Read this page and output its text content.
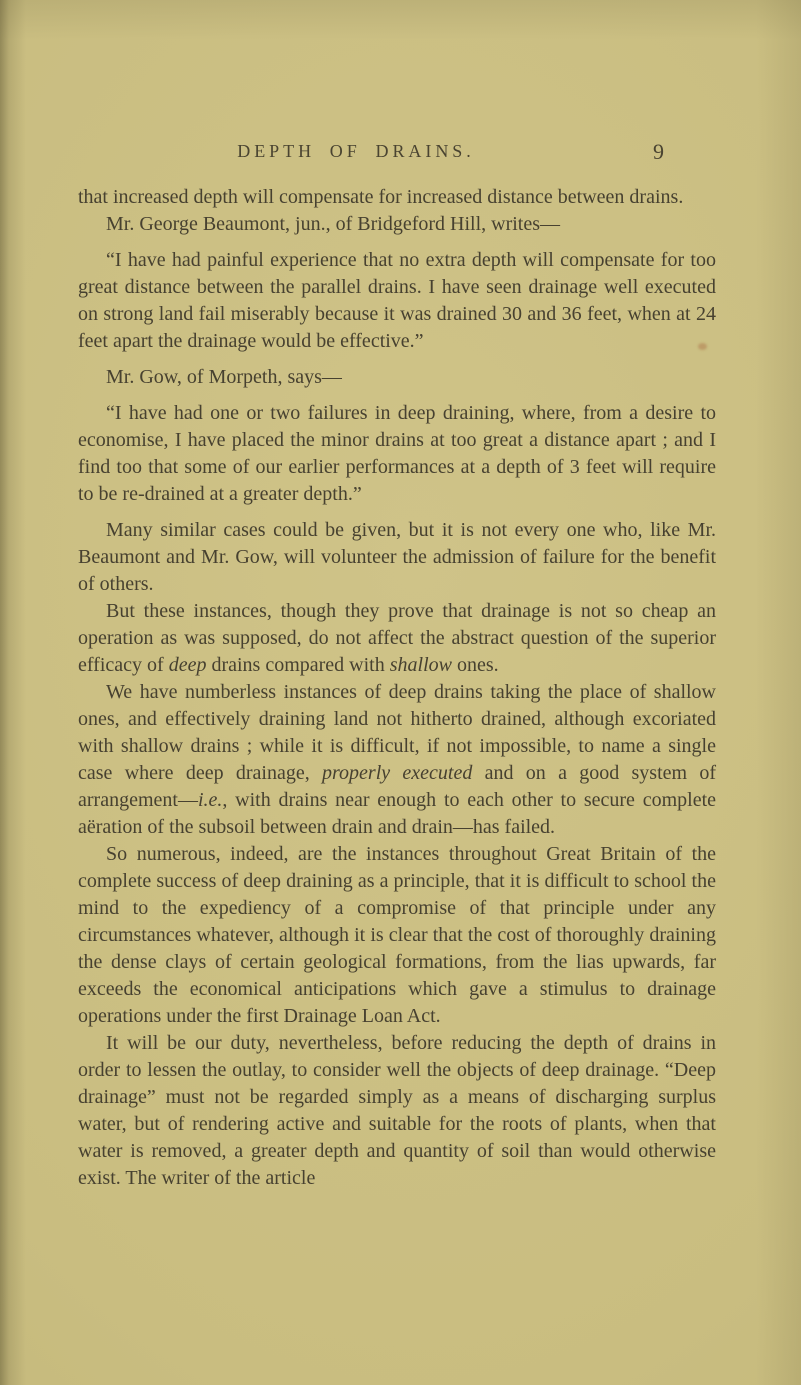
DEPTH OF DRAINS.	9

that increased depth will compensate for increased distance between drains.

Mr. George Beaumont, jun., of Bridgeford Hill, writes—

“I have had painful experience that no extra depth will compensate for too great distance between the parallel drains. I have seen drainage well executed on strong land fail miserably because it was drained 30 and 36 feet, when at 24 feet apart the drainage would be effective.”

Mr. Gow, of Morpeth, says—

“I have had one or two failures in deep draining, where, from a desire to economise, I have placed the minor drains at too great a distance apart ; and I find too that some of our earlier performances at a depth of 3 feet will require to be re-drained at a greater depth.”

Many similar cases could be given, but it is not every one who, like Mr. Beaumont and Mr. Gow, will volunteer the admission of failure for the benefit of others.

But these instances, though they prove that drainage is not so cheap an operation as was supposed, do not affect the abstract question of the superior efficacy of deep drains compared with shallow ones.

We have numberless instances of deep drains taking the place of shallow ones, and effectively draining land not hitherto drained, although excoriated with shallow drains ; while it is difficult, if not impossible, to name a single case where deep drainage, properly executed and on a good system of arrangement—i.e., with drains near enough to each other to secure complete aëration of the subsoil between drain and drain—has failed.

So numerous, indeed, are the instances throughout Great Britain of the complete success of deep draining as a principle, that it is difficult to school the mind to the expediency of a compromise of that principle under any circumstances whatever, although it is clear that the cost of thoroughly draining the dense clays of certain geological formations, from the lias upwards, far exceeds the economical anticipations which gave a stimulus to drainage operations under the first Drainage Loan Act.

It will be our duty, nevertheless, before reducing the depth of drains in order to lessen the outlay, to consider well the objects of deep drainage. “Deep drainage” must not be regarded simply as a means of discharging surplus water, but of rendering active and suitable for the roots of plants, when that water is removed, a greater depth and quantity of soil than would otherwise exist. The writer of the article
